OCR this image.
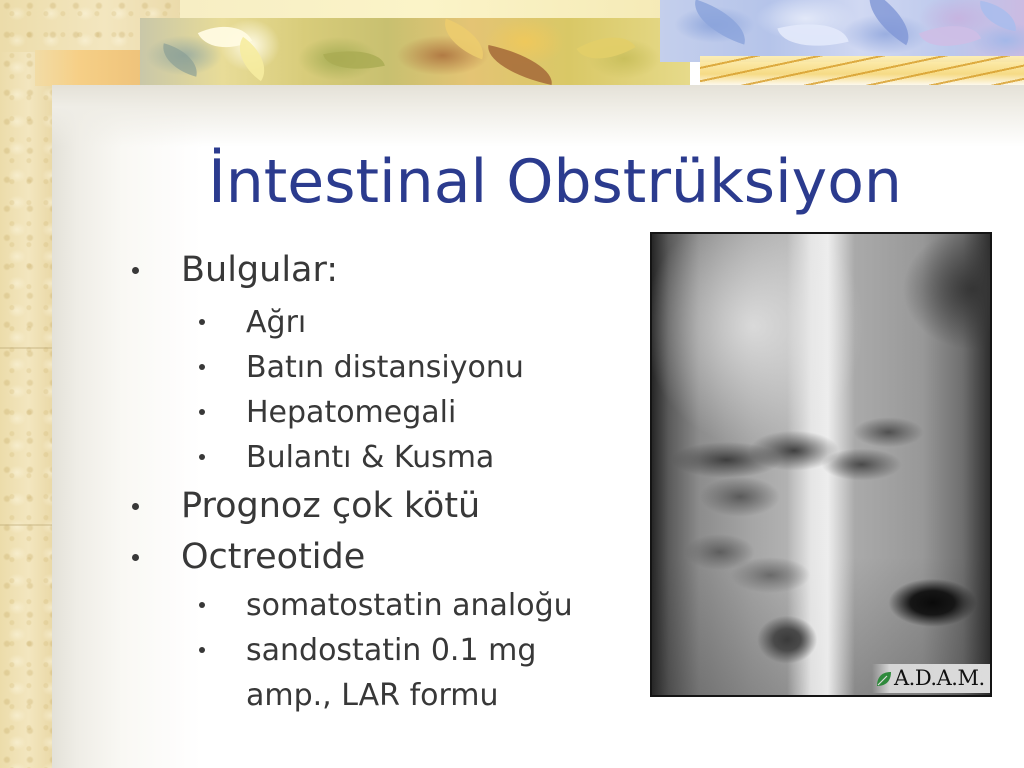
İntestinal Obstrüksiyon
Bulgular:
Ağrı
Batın distansiyonu
Hepatomegali
Bulantı & Kusma
Prognoz çok kötü
Octreotide
somatostatin analoğu
sandostatin 0.1 mg
amp., LAR formu	A.D.A.M.
